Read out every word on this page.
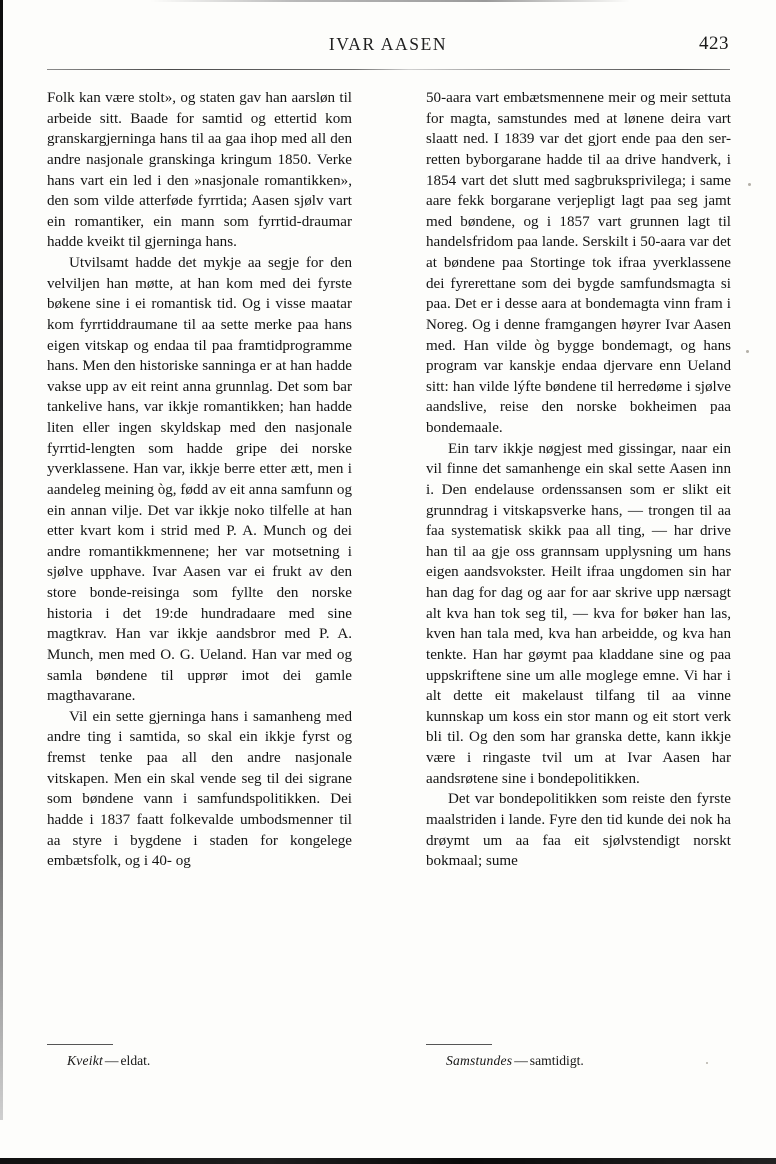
IVAR AASEN	423

Folk kan være stolt», og staten gav han aarsløn til arbeide sitt. Baade for samtid og ettertid kom granskargjerninga hans til aa gaa ihop med all den andre nasjonale granskinga kringum 1850. Verke hans vart ein led i den »nasjonale romantikken», den som vilde atterføde fyrrtida; Aasen sjølv vart ein romantiker, ein mann som fyrrtid-draumar hadde kveikt til gjerninga hans.

Utvilsamt hadde det mykje aa segje for den velviljen han møtte, at han kom med dei fyrste bøkene sine i ei romantisk tid. Og i visse maatar kom fyrrtiddraumane til aa sette merke paa hans eigen vitskap og endaa til paa framtidprogramme hans. Men den historiske sanninga er at han hadde vakse upp av eit reint anna grunnlag. Det som bar tankelive hans, var ikkje romantikken; han hadde liten eller ingen skyldskap med den nasjonale fyrrtid-lengten som hadde gripe dei norske yverklassene. Han var, ikkje berre etter ætt, men i aandeleg meining òg, fødd av eit anna samfunn og ein annan vilje. Det var ikkje noko tilfelle at han etter kvart kom i strid med P. A. Munch og dei andre romantikkmennene; her var motsetning i sjølve upphave. Ivar Aasen var ei frukt av den store bonde-reisinga som fyllte den norske historia i det 19:de hundradaare med sine magtkrav. Han var ikkje aandsbror med P. A. Munch, men med O. G. Ueland. Han var med og samla bøndene til upprør imot dei gamle magthavarane.

Vil ein sette gjerninga hans i samanheng med andre ting i samtida, so skal ein ikkje fyrst og fremst tenke paa all den andre nasjonale vitskapen. Men ein skal vende seg til dei sigrane som bøndene vann i samfundspolitikken. Dei hadde i 1837 faatt folkevalde umbodsmenner til aa styre i bygdene i staden for kongelege embætsfolk, og i 40- og

50-aara vart embætsmennene meir og meir settuta for magta, samstundes med at lønene deira vart slaatt ned. I 1839 var det gjort ende paa den ser-retten byborgarane hadde til aa drive handverk, i 1854 vart det slutt med sagbruksprivilega; i same aare fekk borgarane verjepligt lagt paa seg jamt med bøndene, og i 1857 vart grunnen lagt til handelsfridom paa lande. Serskilt i 50-aara var det at bøndene paa Stortinge tok ifraa yverklassene dei fyrerettane som dei bygde samfundsmagta si paa. Det er i desse aara at bondemagta vinn fram i Noreg. Og i denne framgangen høyrer Ivar Aasen med. Han vilde òg bygge bondemagt, og hans program var kanskje endaa djervare enn Ueland sitt: han vilde lýfte bøndene til herredøme i sjølve aandslive, reise den norske bokheimen paa bondemaale.

Ein tarv ikkje nøgjest med gissingar, naar ein vil finne det samanhenge ein skal sette Aasen inn i. Den endelause ordenssansen som er slikt eit grunndrag i vitskapsverke hans, — trongen til aa faa systematisk skikk paa all ting, — har drive han til aa gje oss grannsam upplysning um hans eigen aandsvokster. Heilt ifraa ungdomen sin har han dag for dag og aar for aar skrive upp nærsagt alt kva han tok seg til, — kva for bøker han las, kven han tala med, kva han arbeidde, og kva han tenkte. Han har gøymt paa kladdane sine og paa uppskriftene sine um alle moglege emne. Vi har i alt dette eit makelaust tilfang til aa vinne kunnskap um koss ein stor mann og eit stort verk bli til. Og den som har granska dette, kann ikkje være i ringaste tvil um at Ivar Aasen har aandsrøtene sine i bondepolitikken.

Det var bondepolitikken som reiste den fyrste maalstriden i lande. Fyre den tid kunde dei nok ha drøymt um aa faa eit sjølvstendigt norskt bokmaal; sume

Kveikt — eldat.	Samstundes — samtidigt.
